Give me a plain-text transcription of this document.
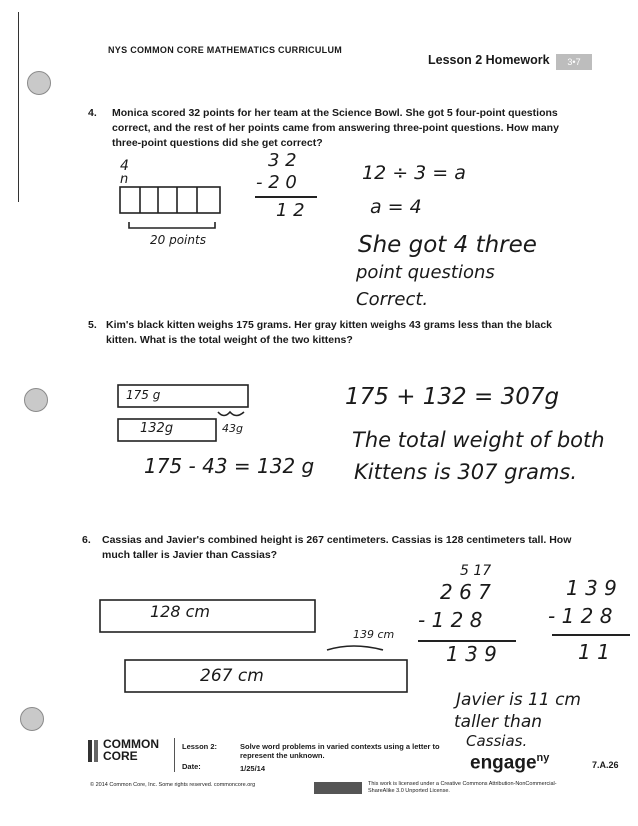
NYS COMMON CORE MATHEMATICS CURRICULUM
Lesson 2 Homework	3•7
4.	Monica scored 32 points for her team at the Science Bowl. She got 5 four-point questions correct, and the rest of her points came from answering three-point questions. How many three-point questions did she get correct?
4
n
20 points
3 2
- 2 0
1 2
12 ÷ 3 = a
a = 4
She got 4 three
point questions
Correct.
5. Kim's black kitten weighs 175 grams. Her gray kitten weighs 43 grams less than the black kitten. What is the total weight of the two kittens?
175 g
132g	43g
175 - 43 = 132 g
175 + 132 = 307g
The total weight of both
Kittens is 307 grams.
6.	Cassias and Javier's combined height is 267 centimeters. Cassias is 128 centimeters tall. How much taller is Javier than Cassias?
128 cm
267 cm
139 cm
5 17
2 6 7
- 1 2 8
1 3 9
1 3 9
- 1 2 8
1 1
Javier is 11 cm
taller than
Cassias.
COMMON
CORE
Lesson 2:
Date:
Solve word problems in varied contexts using a letter to represent the unknown.
1/25/14	engage$^{ny}$
7.A.26
© 2014 Common Core, Inc. Some rights reserved. commoncore.org	This work is licensed under a Creative Commons Attribution-NonCommercial-ShareAlike 3.0 Unported License.
